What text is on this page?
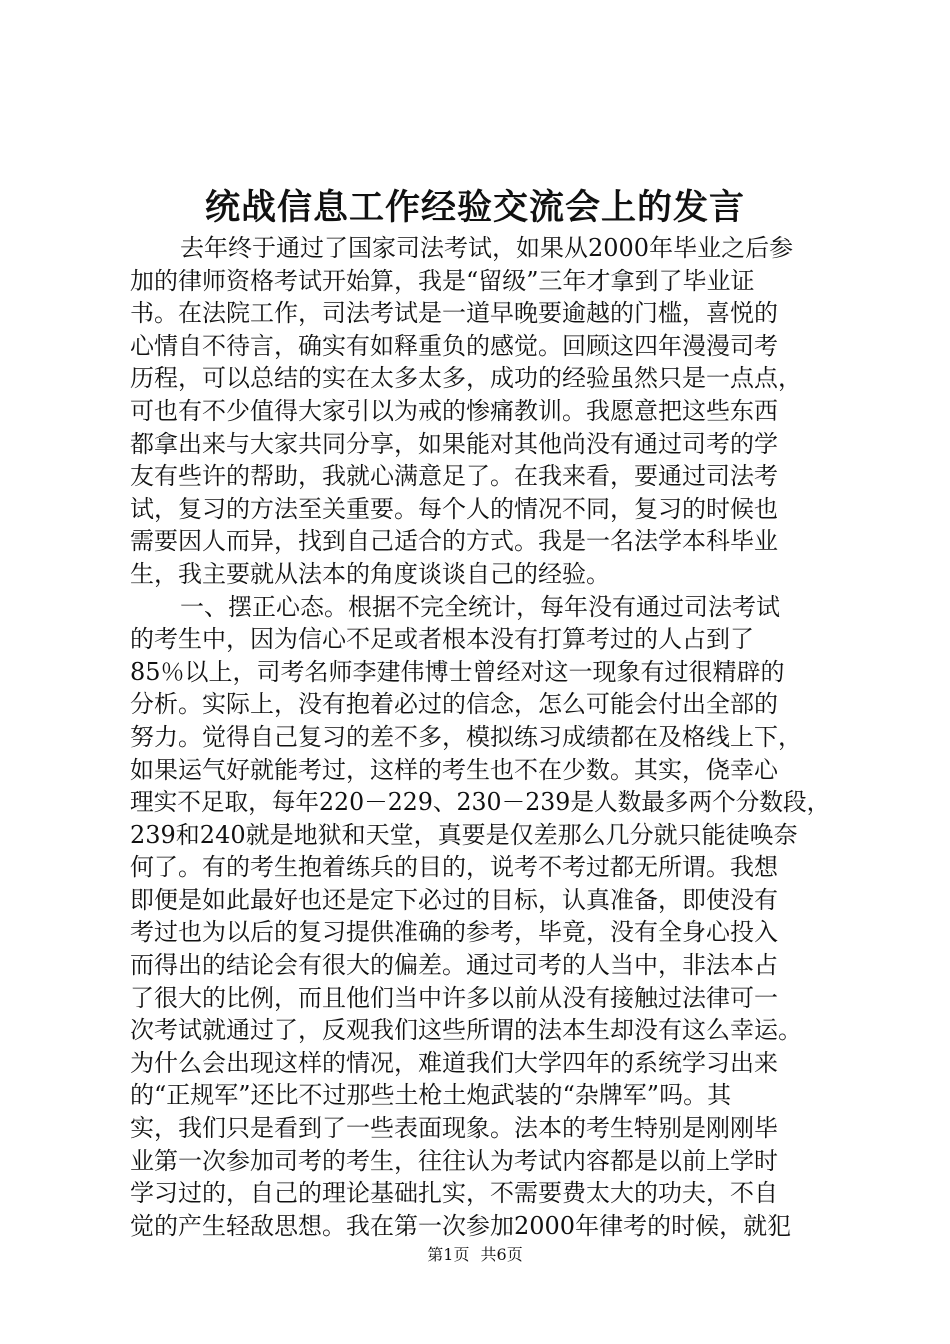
统战信息工作经验交流会上的发言
去年终于通过了国家司法考试，如果从2000年毕业之后参
加的律师资格考试开始算，我是“留级”三年才拿到了毕业证
书。在法院工作，司法考试是一道早晚要逾越的门槛，喜悦的
心情自不待言，确实有如释重负的感觉。回顾这四年漫漫司考
历程，可以总结的实在太多太多，成功的经验虽然只是一点点，
可也有不少值得大家引以为戒的惨痛教训。我愿意把这些东西
都拿出来与大家共同分享，如果能对其他尚没有通过司考的学
友有些许的帮助，我就心满意足了。在我来看，要通过司法考
试，复习的方法至关重要。每个人的情况不同，复习的时候也
需要因人而异，找到自己适合的方式。我是一名法学本科毕业
生，我主要就从法本的角度谈谈自己的经验。
一、摆正心态。根据不完全统计，每年没有通过司法考试
的考生中，因为信心不足或者根本没有打算考过的人占到了
85％以上，司考名师李建伟博士曾经对这一现象有过很精辟的
分析。实际上，没有抱着必过的信念，怎么可能会付出全部的
努力。觉得自己复习的差不多，模拟练习成绩都在及格线上下，
如果运气好就能考过，这样的考生也不在少数。其实，侥幸心
理实不足取，每年220－229、230－239是人数最多两个分数段，
239和240就是地狱和天堂，真要是仅差那么几分就只能徒唤奈
何了。有的考生抱着练兵的目的，说考不考过都无所谓。我想
即便是如此最好也还是定下必过的目标，认真准备，即使没有
考过也为以后的复习提供准确的参考，毕竟，没有全身心投入
而得出的结论会有很大的偏差。通过司考的人当中，非法本占
了很大的比例，而且他们当中许多以前从没有接触过法律可一
次考试就通过了，反观我们这些所谓的法本生却没有这么幸运。
为什么会出现这样的情况，难道我们大学四年的系统学习出来
的“正规军”还比不过那些土枪土炮武装的“杂牌军”吗。其
实，我们只是看到了一些表面现象。法本的考生特别是刚刚毕
业第一次参加司考的考生，往往认为考试内容都是以前上学时
学习过的，自己的理论基础扎实，不需要费太大的功夫，不自
觉的产生轻敌思想。我在第一次参加2000年律考的时候，就犯
第1页 共6页
